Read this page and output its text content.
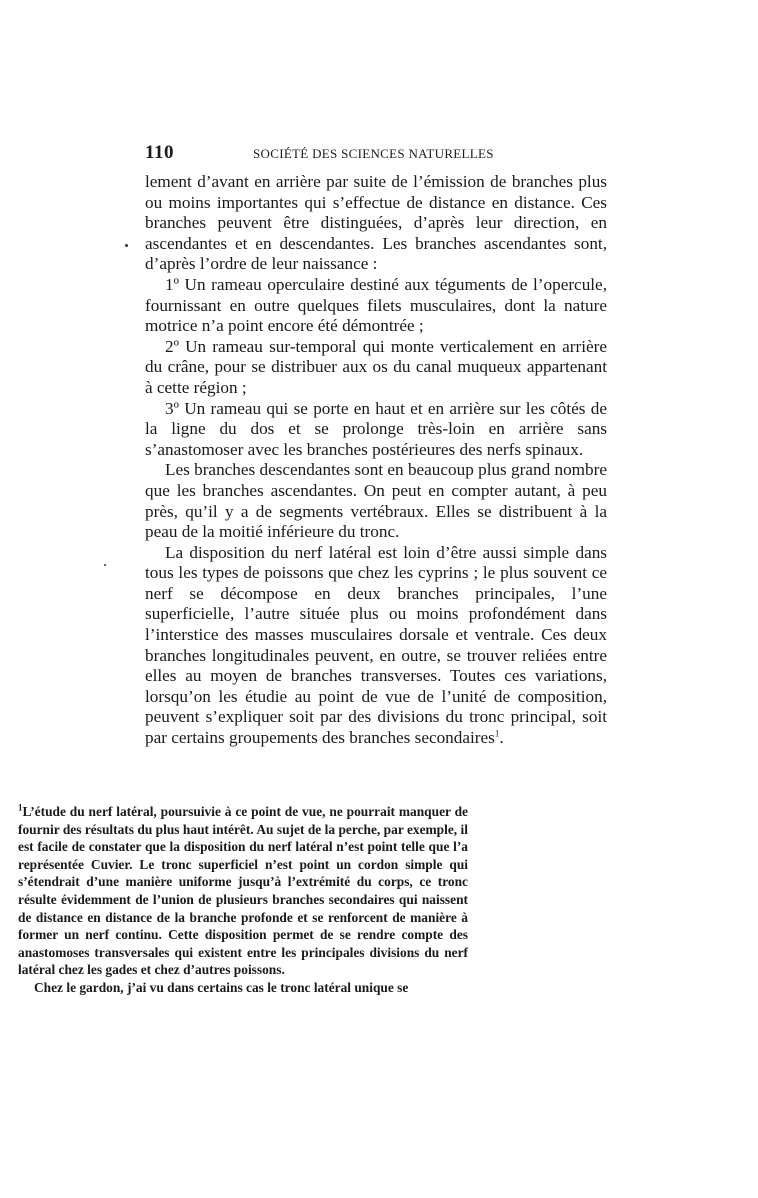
110	SOCIÉTÉ DES SCIENCES NATURELLES

lement d’avant en arrière par suite de l’émission de branches plus ou moins importantes qui s’effectue de distance en distance. Ces branches peuvent être distinguées, d’après leur direction, en ascendantes et en descendantes. Les branches ascendantes sont, d’après l’ordre de leur naissance :

1º Un rameau operculaire destiné aux téguments de l’opercule, fournissant en outre quelques filets musculaires, dont la nature motrice n’a point encore été démontrée ;

2º Un rameau sur-temporal qui monte verticalement en arrière du crâne, pour se distribuer aux os du canal muqueux appartenant à cette région ;

3º Un rameau qui se porte en haut et en arrière sur les côtés de la ligne du dos et se prolonge très-loin en arrière sans s’anastomoser avec les branches postérieures des nerfs spinaux.

Les branches descendantes sont en beaucoup plus grand nombre que les branches ascendantes. On peut en compter autant, à peu près, qu’il y a de segments vertébraux. Elles se distribuent à la peau de la moitié inférieure du tronc.

La disposition du nerf latéral est loin d’être aussi simple dans tous les types de poissons que chez les cyprins ; le plus souvent ce nerf se décompose en deux branches principales, l’une superficielle, l’autre située plus ou moins profondément dans l’interstice des masses musculaires dorsale et ventrale. Ces deux branches longitudinales peuvent, en outre, se trouver reliées entre elles au moyen de branches transverses. Toutes ces variations, lorsqu’on les étudie au point de vue de l’unité de composition, peuvent s’expliquer soit par des divisions du tronc principal, soit par certains groupements des branches secondaires$^1$.

$^1$L’étude du nerf latéral, poursuivie à ce point de vue, ne pourrait manquer de fournir des résultats du plus haut intérêt. Au sujet de la perche, par exemple, il est facile de constater que la disposition du nerf latéral n’est point telle que l’a représentée Cuvier. Le tronc superficiel n’est point un cordon simple qui s’étendrait d’une manière uniforme jusqu’à l’extrémité du corps, ce tronc résulte évidemment de l’union de plusieurs branches secondaires qui naissent de distance en distance de la branche profonde et se renforcent de manière à former un nerf continu. Cette disposition permet de se rendre compte des anastomoses transversales qui existent entre les principales divisions du nerf latéral chez les gades et chez d’autres poissons.

Chez le gardon, j’ai vu dans certains cas le tronc latéral unique se
